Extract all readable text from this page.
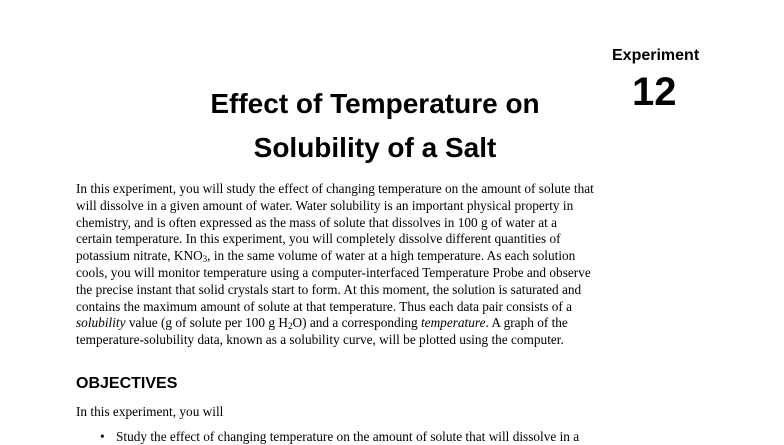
Experiment
12
Effect of Temperature on
Solubility of a Salt
In this experiment, you will study the effect of changing temperature on the amount of solute that
will dissolve in a given amount of water. Water solubility is an important physical property in
chemistry, and is often expressed as the mass of solute that dissolves in 100 g of water at a
certain temperature. In this experiment, you will completely dissolve different quantities of
potassium nitrate, $KNO_3$, in the same volume of water at a high temperature. As each solution
cools, you will monitor temperature using a computer-interfaced Temperature Probe and observe
the precise instant that solid crystals start to form. At this moment, the solution is saturated and
contains the maximum amount of solute at that temperature. Thus each data pair consists of a
solubility value (g of solute per 100 g $H_2O$) and a corresponding temperature. A graph of the
temperature-solubility data, known as a solubility curve, will be plotted using the computer.
OBJECTIVES
In this experiment, you will
• Study the effect of changing temperature on the amount of solute that will dissolve in a
